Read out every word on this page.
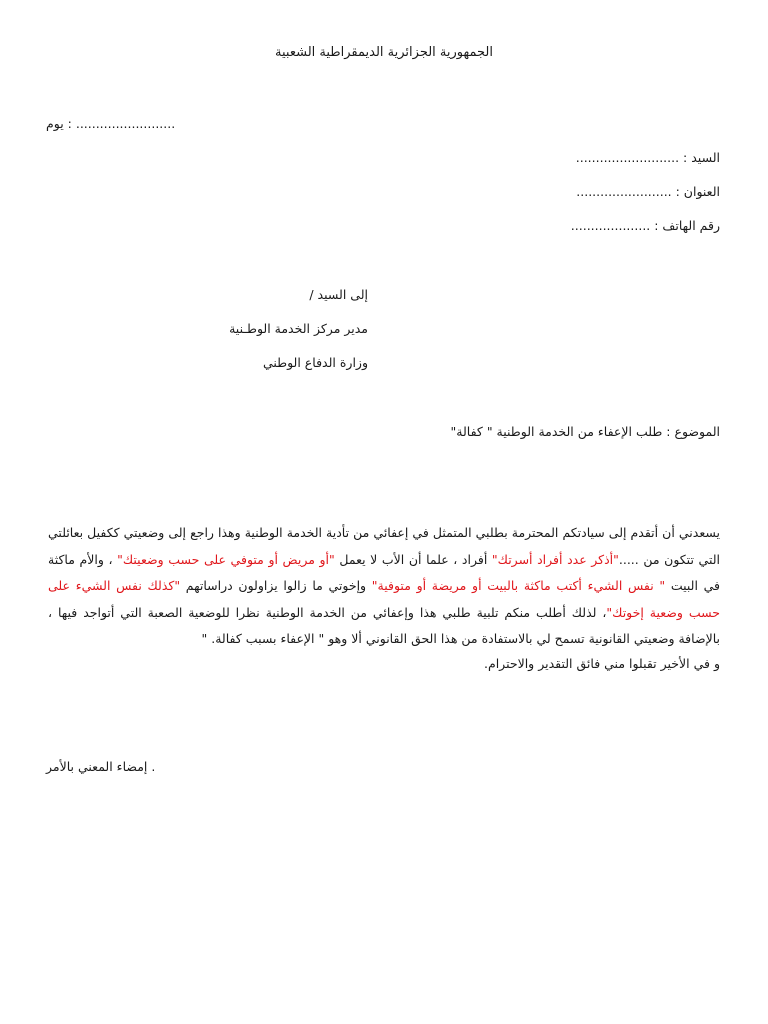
الجمهورية الجزائرية الديمقراطية الشعبية
يوم : .........................
السيد : ..........................
العنوان : ........................
رقم الهاتف : ....................
إلى السيد /
مدير مركز الخدمة الوطـنية
وزارة الدفاع الوطني
الموضوع : طلب الإعفاء من الخدمة الوطنية " كفالة"
يسعدني أن أتقدم إلى سيادتكم المحترمة بطلبي المتمثل في إعفائي من تأدية الخدمة الوطنية وهذا راجع إلى وضعيتي ككفيل بعائلتي التي تتكون من ....."أذكر عدد أفراد أسرتك" أفراد ، علما أن الأب لا يعمل "أو مريض أو متوفي على حسب وضعيتك" ، والأم ماكثة في البيت " نفس الشيء أكتب ماكثة بالبيت أو مريضة أو متوفية" وإخوتي ما زالوا يزاولون دراساتهم "كذلك نفس الشيء على حسب وضعية إخوتك"، لذلك أطلب منكم تلبية طلبي هذا وإعفائي من الخدمة الوطنية نظرا للوضعية الصعبة التي أتواجد فيها ، بالإضافة وضعيتي القانونية تسمح لي بالاستفادة من هذا الحق القانوني ألا وهو " الإعفاء بسبب كفالة. "
و في الأخير تقبلوا مني فائق التقدير والاحترام.
إمضاء المعني بالأمر .
